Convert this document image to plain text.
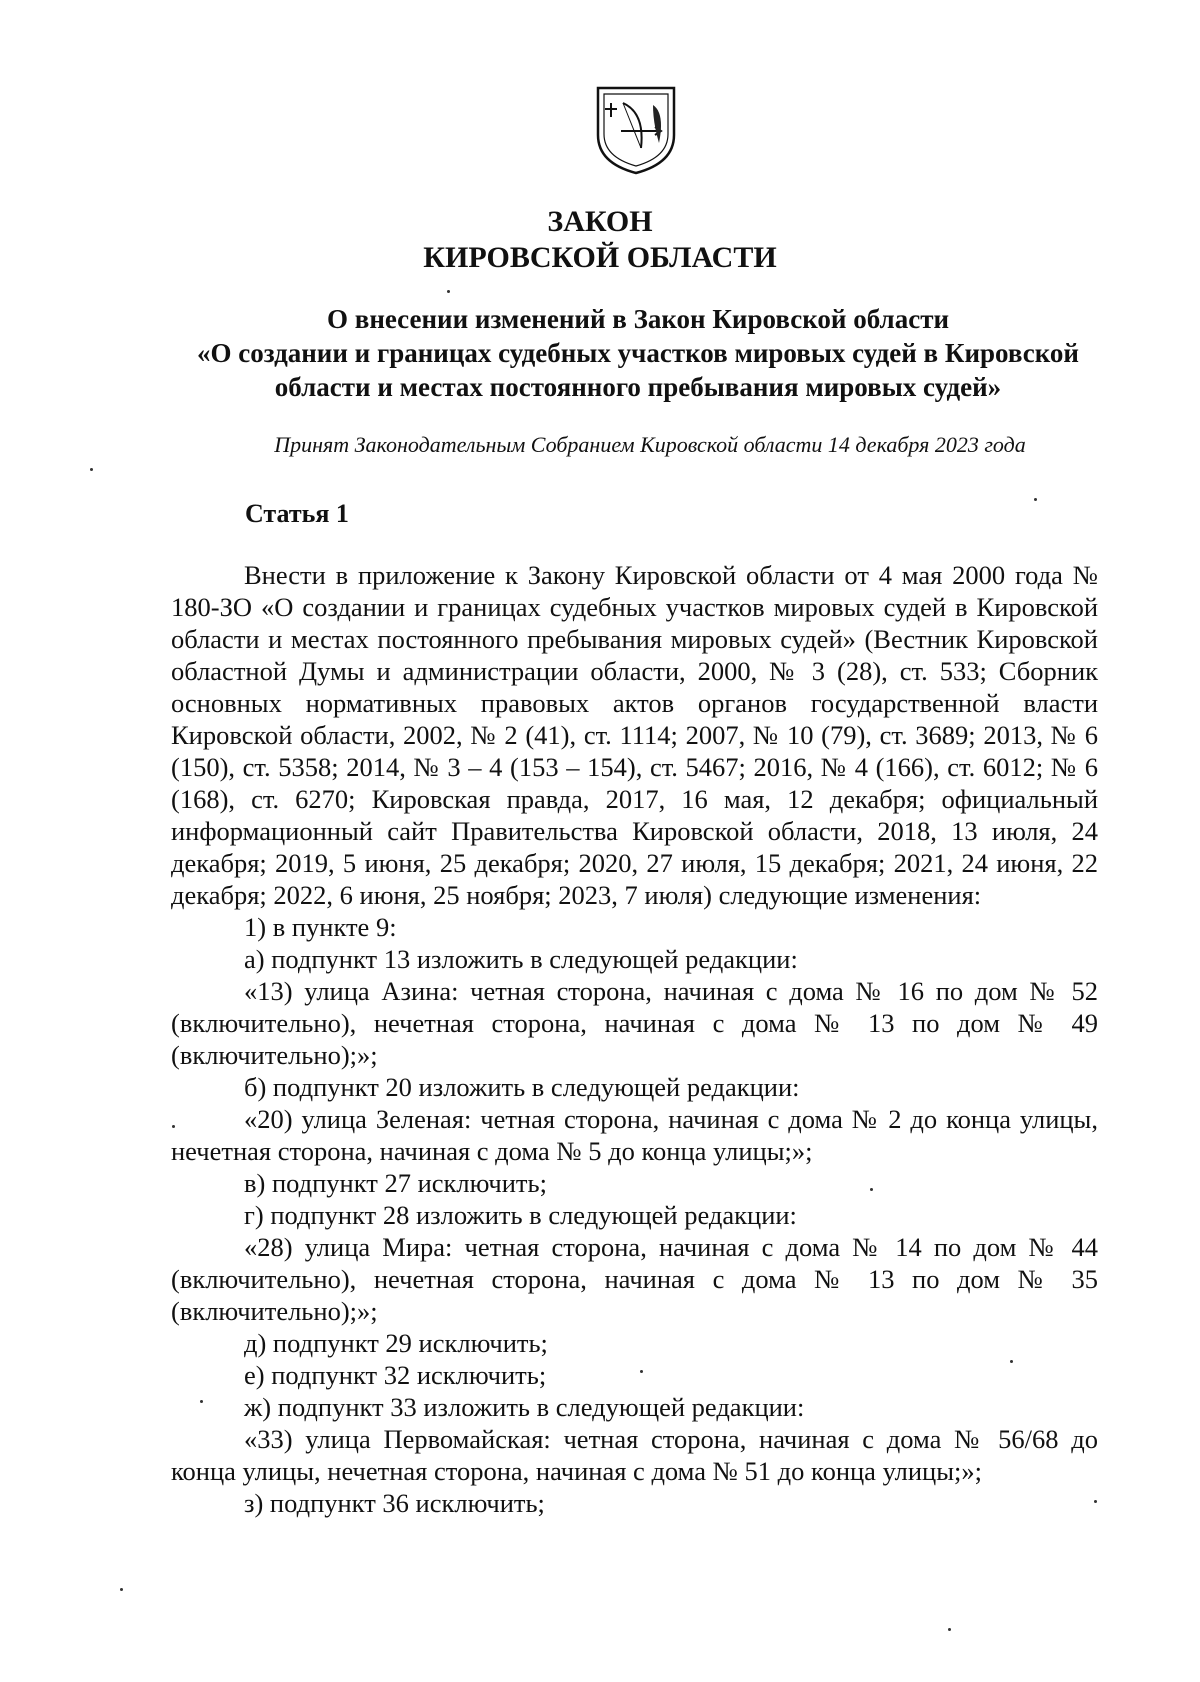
ЗАКОН
КИРОВСКОЙ ОБЛАСТИ
О внесении изменений в Закон Кировской области
«О создании и границах судебных участков мировых судей в Кировской
области и местах постоянного пребывания мировых судей»
Принят Законодательным Собранием Кировской области 14 декабря 2023 года
Статья 1

Внести в приложение к Закону Кировской области от 4 мая 2000 года № 180-ЗО «О создании и границах судебных участков мировых судей в Кировской области и местах постоянного пребывания мировых судей» (Вестник Кировской областной Думы и администрации области, 2000, № 3 (28), ст. 533; Сборник основных нормативных правовых актов органов государственной власти Кировской области, 2002, № 2 (41), ст. 1114; 2007, № 10 (79), ст. 3689; 2013, № 6 (150), ст. 5358; 2014, № 3 – 4 (153 – 154), ст. 5467; 2016, № 4 (166), ст. 6012; № 6 (168), ст. 6270; Кировская правда, 2017, 16 мая, 12 декабря; официальный информационный сайт Правительства Кировской области, 2018, 13 июля, 24 декабря; 2019, 5 июня, 25 декабря; 2020, 27 июля, 15 декабря; 2021, 24 июня, 22 декабря; 2022, 6 июня, 25 ноября; 2023, 7 июля) следующие изменения:

1) в пункте 9:

а) подпункт 13 изложить в следующей редакции:

«13) улица Азина: четная сторона, начиная с дома № 16 по дом № 52 (включительно), нечетная сторона, начиная с дома № 13 по дом № 49 (включительно);»;

б) подпункт 20 изложить в следующей редакции:

«20) улица Зеленая: четная сторона, начиная с дома № 2 до конца улицы, нечетная сторона, начиная с дома № 5 до конца улицы;»;

в) подпункт 27 исключить;

г) подпункт 28 изложить в следующей редакции:

«28) улица Мира: четная сторона, начиная с дома № 14 по дом № 44 (включительно), нечетная сторона, начиная с дома № 13 по дом № 35 (включительно);»;

д) подпункт 29 исключить;

е) подпункт 32 исключить;

ж) подпункт 33 изложить в следующей редакции:

«33) улица Первомайская: четная сторона, начиная с дома № 56/68 до конца улицы, нечетная сторона, начиная с дома № 51 до конца улицы;»;

з) подпункт 36 исключить;
